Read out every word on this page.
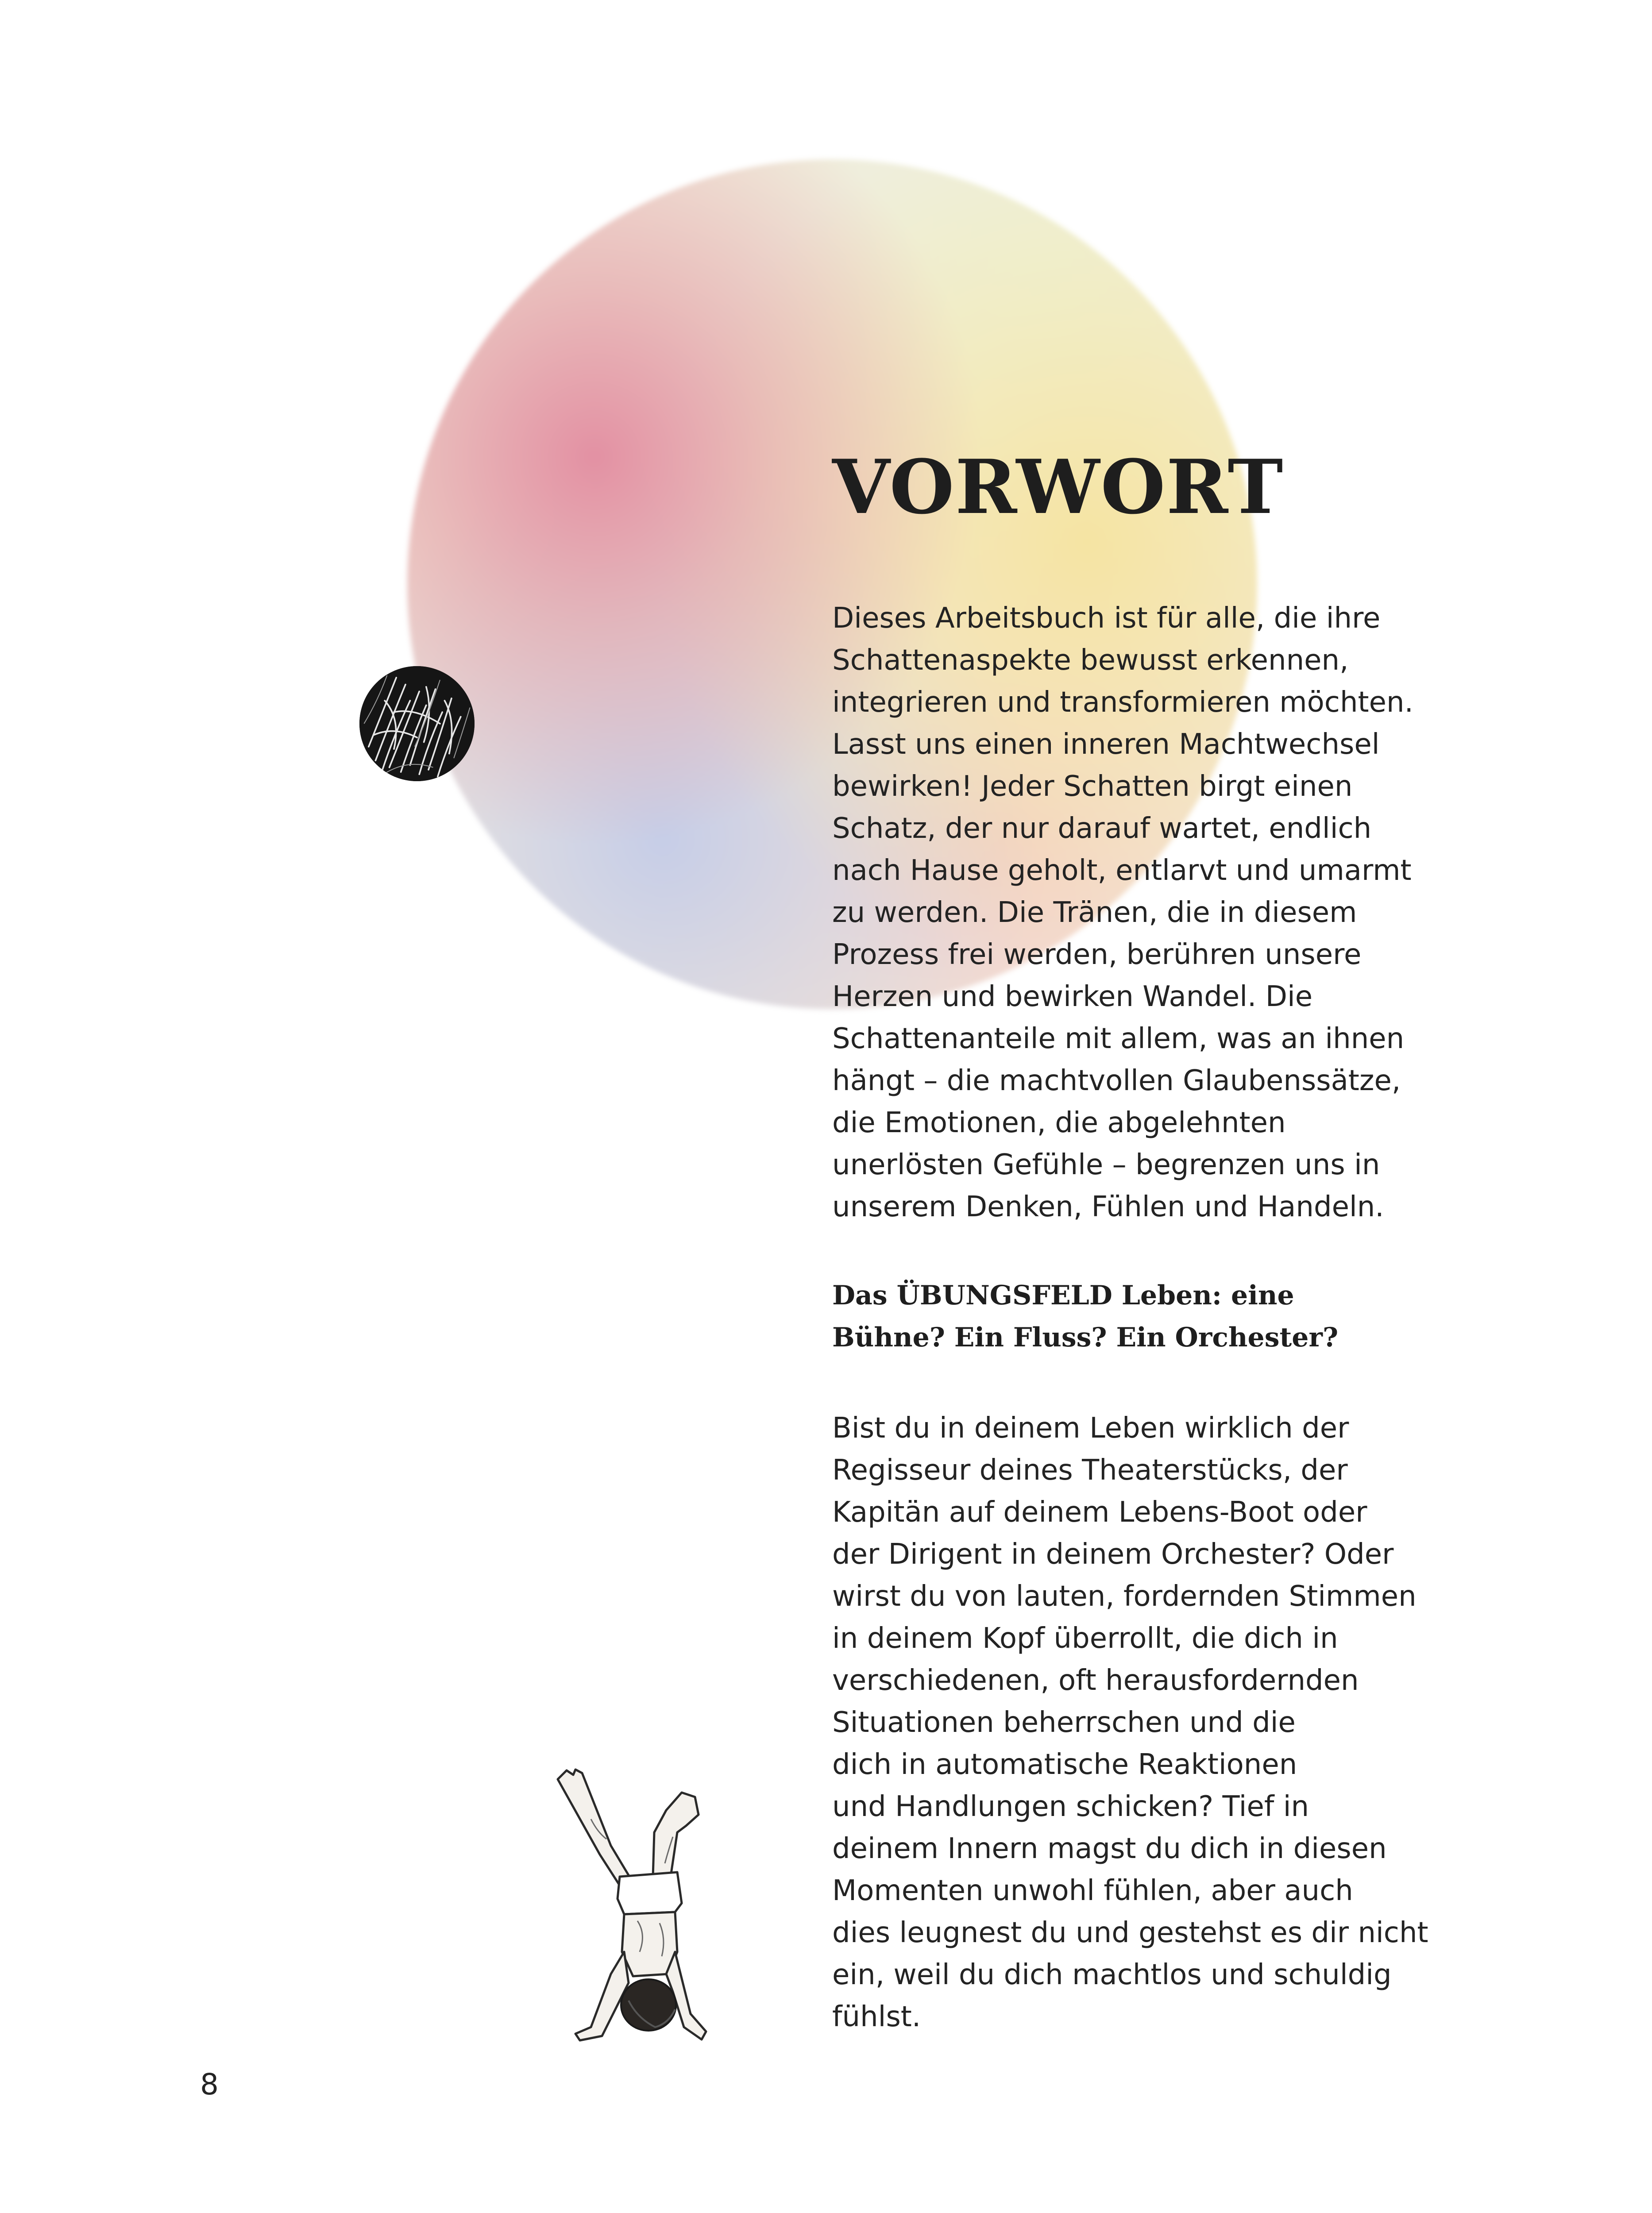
VORWORT

Dieses Arbeitsbuch ist für alle, die ihre
Schattenaspekte bewusst erkennen,
integrieren und transformieren möchten.
Lasst uns einen inneren Machtwechsel
bewirken! Jeder Schatten birgt einen
Schatz, der nur darauf wartet, endlich
nach Hause geholt, entlarvt und umarmt
zu werden. Die Tränen, die in diesem
Prozess frei werden, berühren unsere
Herzen und bewirken Wandel. Die
Schattenanteile mit allem, was an ihnen
hängt – die machtvollen Glaubenssätze,
die Emotionen, die abgelehnten
unerlösten Gefühle – begrenzen uns in
unserem Denken, Fühlen und Handeln.

Das ÜBUNGSFELD Leben: eine
Bühne? Ein Fluss? Ein Orchester?

Bist du in deinem Leben wirklich der
Regisseur deines Theaterstücks, der
Kapitän auf deinem Lebens-Boot oder
der Dirigent in deinem Orchester? Oder
wirst du von lauten, fordernden Stimmen
in deinem Kopf überrollt, die dich in
verschiedenen, oft herausfordernden
Situationen beherrschen und die
dich in automatische Reaktionen
und Handlungen schicken? Tief in
deinem Innern magst du dich in diesen
Momenten unwohl fühlen, aber auch
dies leugnest du und gestehst es dir nicht
ein, weil du dich machtlos und schuldig
fühlst.

8
